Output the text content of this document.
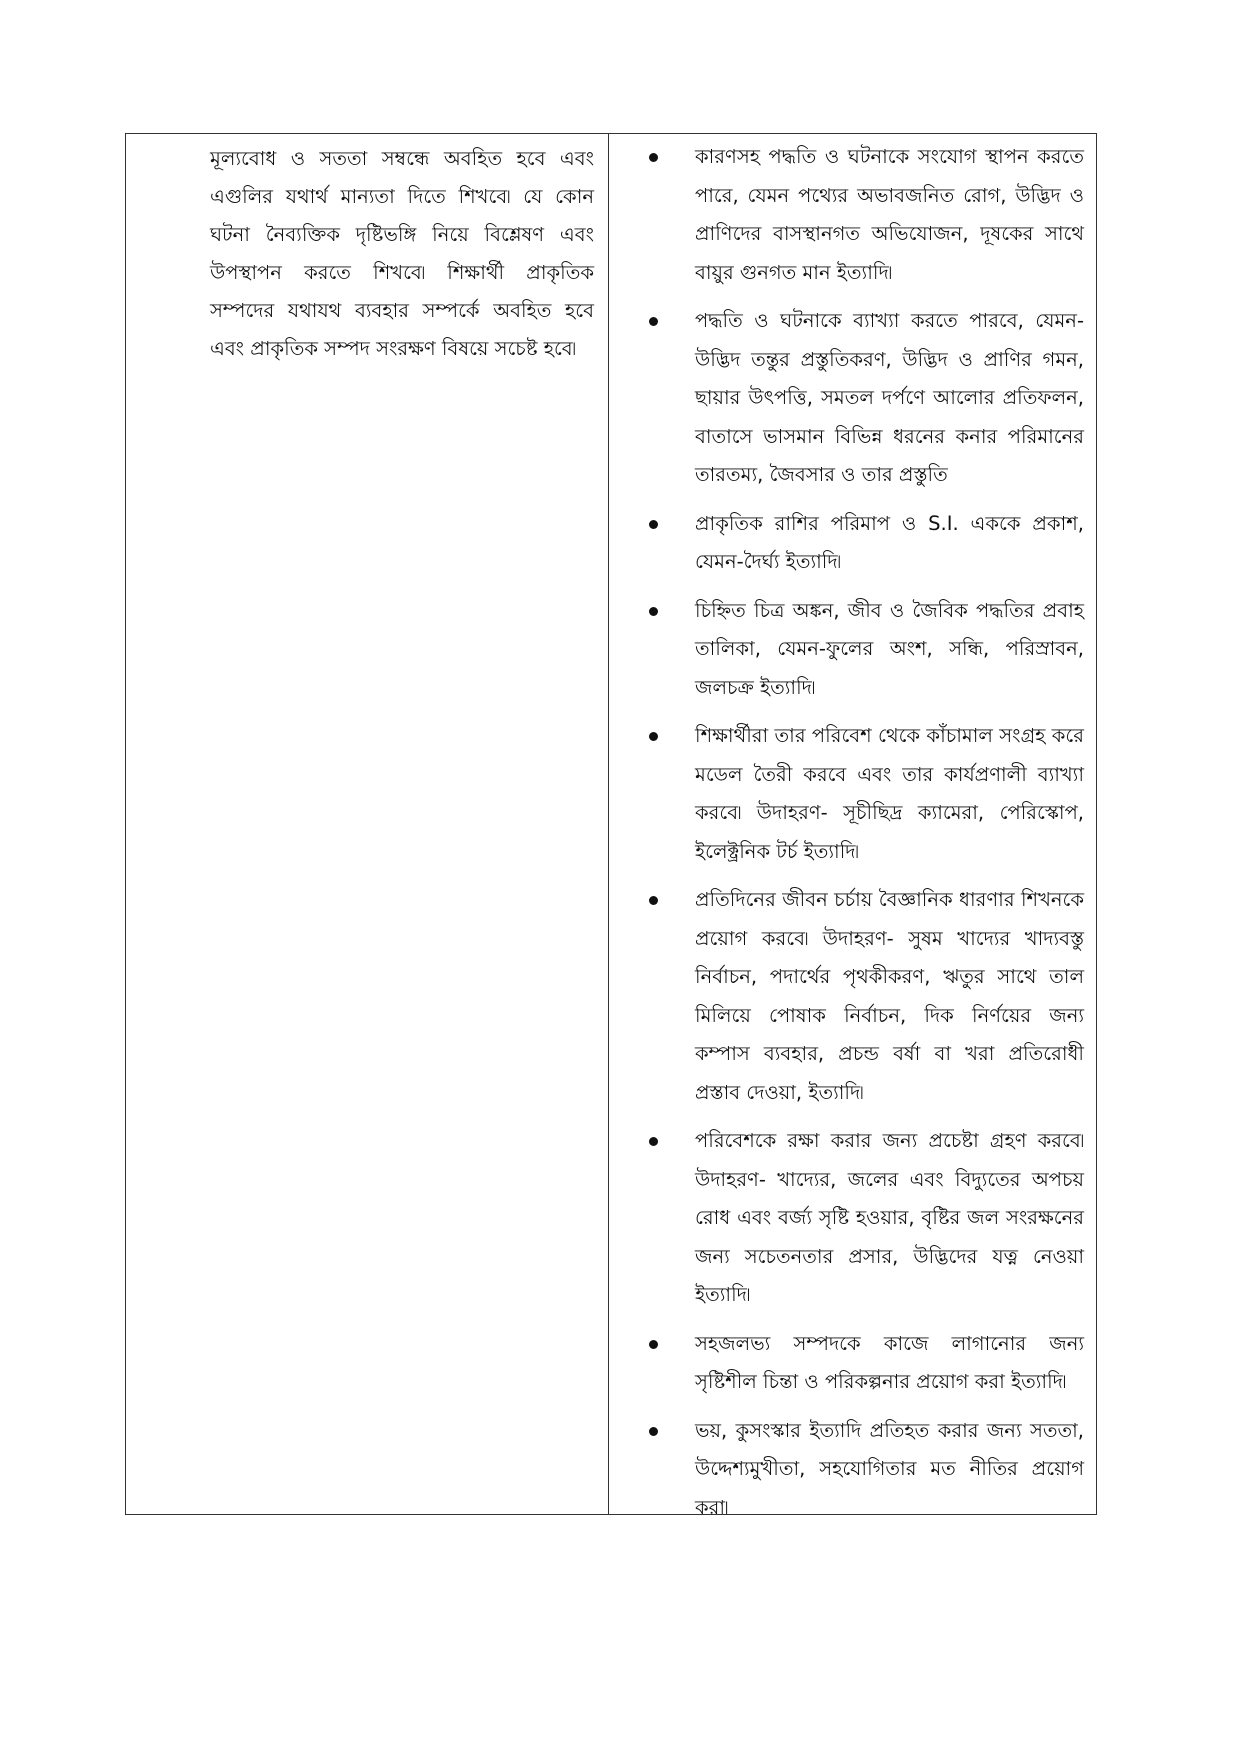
মূল্যবোধ ও সততা সম্বন্ধে অবহিত হবে এবং এগুলির যথার্থ মান্যতা দিতে শিখবে৷ যে কোন ঘটনা নৈব্যক্তিক দৃষ্টিভঙ্গি নিয়ে বিশ্লেষণ এবং উপস্থাপন করতে শিখবে৷ শিক্ষার্থী প্রাকৃতিক সম্পদের যথাযথ ব্যবহার সম্পর্কে অবহিত হবে এবং প্রাকৃতিক সম্পদ সংরক্ষণ বিষয়ে সচেষ্ট হবে৷

কারণসহ পদ্ধতি ও ঘটনাকে সংযোগ স্থাপন করতে পারে, যেমন পথ্যের অভাবজনিত রোগ, উদ্ভিদ ও প্রাণিদের বাসস্থানগত অভিযোজন, দূষকের সাথে বায়ুর গুনগত মান ইত্যাদি৷
পদ্ধতি ও ঘটনাকে ব্যাখ্যা করতে পারবে, যেমন- উদ্ভিদ তন্তুর প্রস্তুতিকরণ, উদ্ভিদ ও প্রাণির গমন, ছায়ার উৎপত্তি, সমতল দর্পণে আলোর প্রতিফলন, বাতাসে ভাসমান বিভিন্ন ধরনের কনার পরিমানের তারতম্য, জৈবসার ও তার প্রস্তুতি
প্রাকৃতিক রাশির পরিমাপ ও S.I. এককে প্রকাশ, যেমন-দৈর্ঘ্য ইত্যাদি৷
চিহ্নিত চিত্র অঙ্কন, জীব ও জৈবিক পদ্ধতির প্রবাহ তালিকা, যেমন-ফুলের অংশ, সন্ধি, পরিস্রাবন, জলচক্র ইত্যাদি৷
শিক্ষার্থীরা তার পরিবেশ থেকে কাঁচামাল সংগ্রহ করে মডেল তৈরী করবে এবং তার কার্যপ্রণালী ব্যাখ্যা করবে৷ উদাহরণ- সূচীছিদ্র ক্যামেরা, পেরিস্কোপ, ইলেক্ট্রনিক টর্চ ইত্যাদি৷
প্রতিদিনের জীবন চর্চায় বৈজ্ঞানিক ধারণার শিখনকে প্রয়োগ করবে৷ উদাহরণ- সুষম খাদ্যের খাদ্যবস্তু নির্বাচন, পদার্থের পৃথকীকরণ, ঋতুর সাথে তাল মিলিয়ে পোষাক নির্বাচন, দিক নির্ণয়ের জন্য কম্পাস ব্যবহার, প্রচন্ড বর্ষা বা খরা প্রতিরোধী প্রস্তাব দেওয়া, ইত্যাদি৷
পরিবেশকে রক্ষা করার জন্য প্রচেষ্টা গ্রহণ করবে৷ উদাহরণ- খাদ্যের, জলের এবং বিদ্যুতের অপচয় রোধ এবং বর্জ্য সৃষ্টি হওয়ার, বৃষ্টির জল সংরক্ষনের জন্য সচেতনতার প্রসার, উদ্ভিদের যত্ন নেওয়া ইত্যাদি৷
সহজলভ্য সম্পদকে কাজে লাগানোর জন্য সৃষ্টিশীল চিন্তা ও পরিকল্পনার প্রয়োগ করা ইত্যাদি৷
ভয়, কুসংস্কার ইত্যাদি প্রতিহত করার জন্য সততা, উদ্দেশ্যমুখীতা, সহযোগিতার মত নীতির প্রয়োগ করা৷
